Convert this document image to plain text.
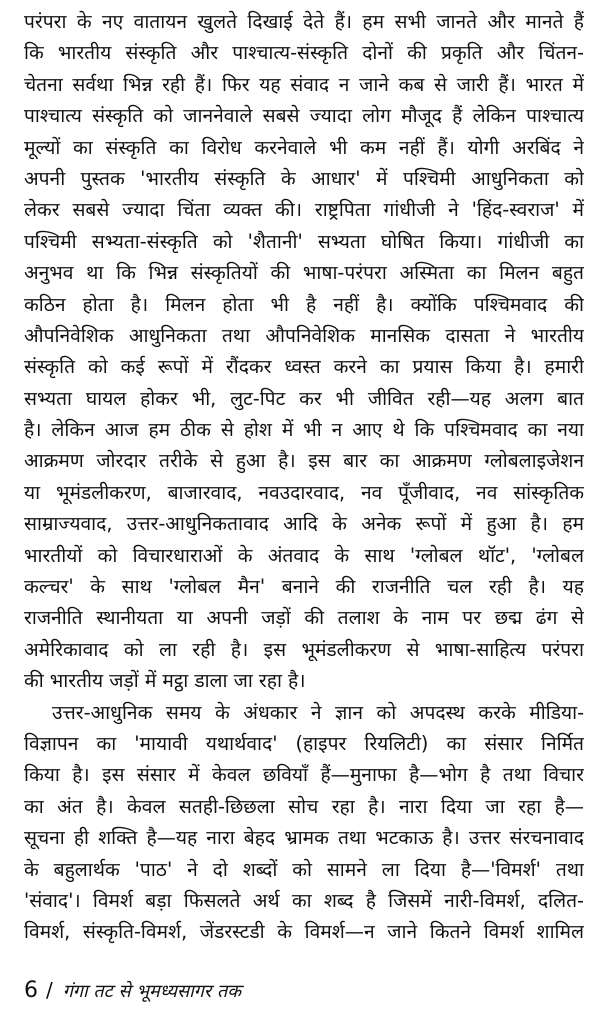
परंपरा के नए वातायन खुलते दिखाई देते हैं। हम सभी जानते और मानते हैं
कि भारतीय संस्कृति और पाश्चात्य-संस्कृति दोनों की प्रकृति और चिंतन-
चेतना सर्वथा भिन्न रही हैं। फिर यह संवाद न जाने कब से जारी हैं। भारत में
पाश्चात्य संस्कृति को जाननेवाले सबसे ज्यादा लोग मौजूद हैं लेकिन पाश्चात्य
मूल्यों का संस्कृति का विरोध करनेवाले भी कम नहीं हैं। योगी अरबिंद ने
अपनी पुस्तक 'भारतीय संस्कृति के आधार' में पश्चिमी आधुनिकता को
लेकर सबसे ज्यादा चिंता व्यक्त की। राष्ट्रपिता गांधीजी ने 'हिंद-स्वराज' में
पश्चिमी सभ्यता-संस्कृति को 'शैतानी' सभ्यता घोषित किया। गांधीजी का
अनुभव था कि भिन्न संस्कृतियों की भाषा-परंपरा अस्मिता का मिलन बहुत
कठिन होता है। मिलन होता भी है नहीं है। क्योंकि पश्चिमवाद की
औपनिवेशिक आधुनिकता तथा औपनिवेशिक मानसिक दासता ने भारतीय
संस्कृति को कई रूपों में रौंदकर ध्वस्त करने का प्रयास किया है। हमारी
सभ्यता घायल होकर भी, लुट-पिट कर भी जीवित रही—यह अलग बात
है। लेकिन आज हम ठीक से होश में भी न आए थे कि पश्चिमवाद का नया
आक्रमण जोरदार तरीके से हुआ है। इस बार का आक्रमण ग्लोबलाइजेशन
या भूमंडलीकरण, बाजारवाद, नवउदारवाद, नव पूँजीवाद, नव सांस्कृतिक
साम्राज्यवाद, उत्तर-आधुनिकतावाद आदि के अनेक रूपों में हुआ है। हम
भारतीयों को विचारधाराओं के अंतवाद के साथ 'ग्लोबल थॉट', 'ग्लोबल
कल्चर' के साथ 'ग्लोबल मैन' बनाने की राजनीति चल रही है। यह
राजनीति स्थानीयता या अपनी जड़ों की तलाश के नाम पर छद्म ढंग से
अमेरिकावाद को ला रही है। इस भूमंडलीकरण से भाषा-साहित्य परंपरा
की भारतीय जड़ों में मट्ठा डाला जा रहा है।
उत्तर-आधुनिक समय के अंधकार ने ज्ञान को अपदस्थ करके मीडिया-
विज्ञापन का 'मायावी यथार्थवाद' (हाइपर रियलिटी) का संसार निर्मित
किया है। इस संसार में केवल छवियाँ हैं—मुनाफा है—भोग है तथा विचार
का अंत है। केवल सतही-छिछला सोच रहा है। नारा दिया जा रहा है—
सूचना ही शक्ति है—यह नारा बेहद भ्रामक तथा भटकाऊ है। उत्तर संरचनावाद
के बहुलार्थक 'पाठ' ने दो शब्दों को सामने ला दिया है—'विमर्श' तथा
'संवाद'। विमर्श बड़ा फिसलते अर्थ का शब्द है जिसमें नारी-विमर्श, दलित-
विमर्श, संस्कृति-विमर्श, जेंडरस्टडी के विमर्श—न जाने कितने विमर्श शामिल
6 / गंगा तट से भूमध्यसागर तक
